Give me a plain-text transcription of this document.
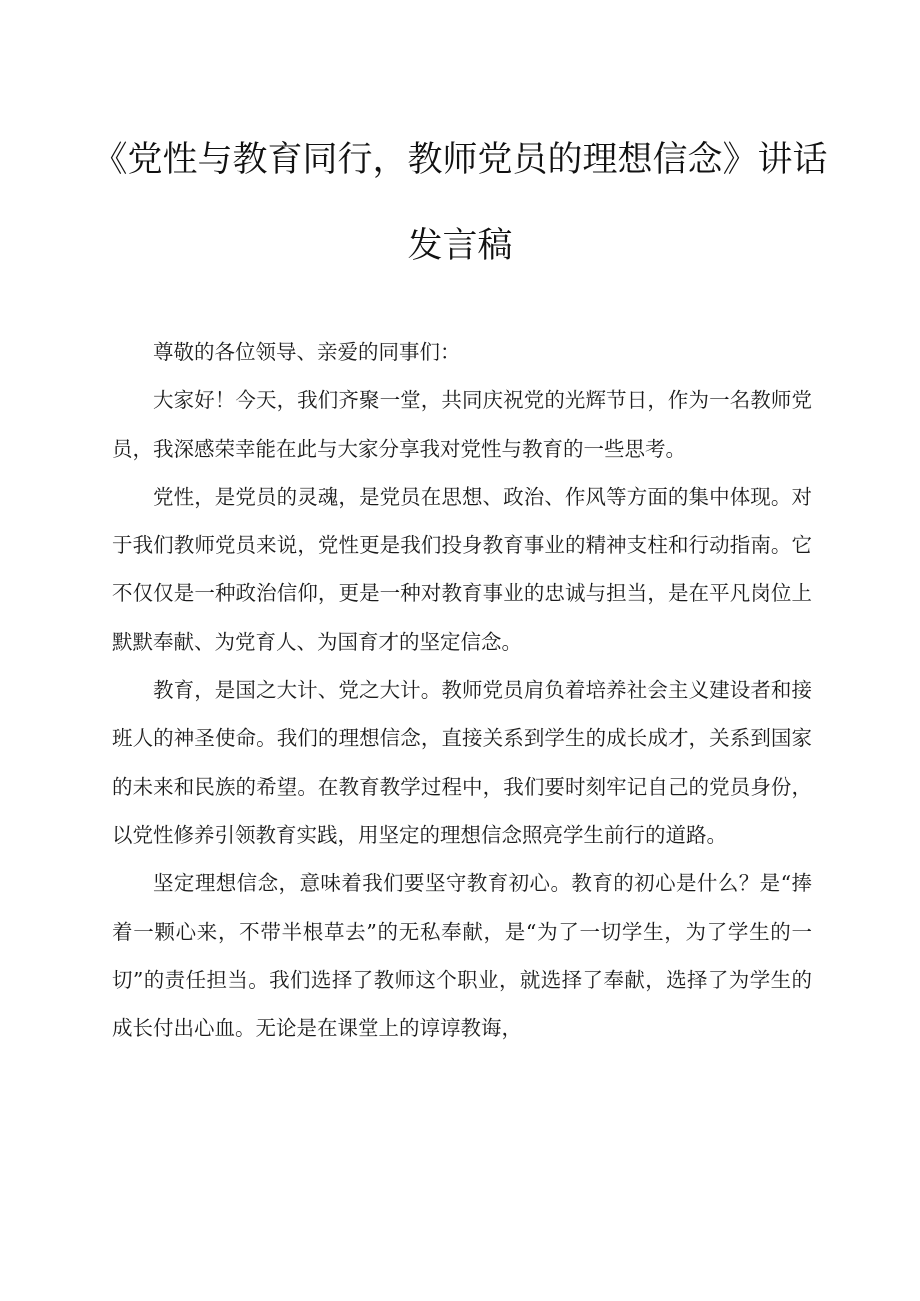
《党性与教育同行，教师党员的理想信念》讲话
发言稿

尊敬的各位领导、亲爱的同事们：

大家好！今天，我们齐聚一堂，共同庆祝党的光辉节日，作为一名教师党员，我深感荣幸能在此与大家分享我对党性与教育的一些思考。

党性，是党员的灵魂，是党员在思想、政治、作风等方面的集中体现。对于我们教师党员来说，党性更是我们投身教育事业的精神支柱和行动指南。它不仅仅是一种政治信仰，更是一种对教育事业的忠诚与担当，是在平凡岗位上默默奉献、为党育人、为国育才的坚定信念。

教育，是国之大计、党之大计。教师党员肩负着培养社会主义建设者和接班人的神圣使命。我们的理想信念，直接关系到学生的成长成才，关系到国家的未来和民族的希望。在教育教学过程中，我们要时刻牢记自己的党员身份，以党性修养引领教育实践，用坚定的理想信念照亮学生前行的道路。

坚定理想信念，意味着我们要坚守教育初心。教育的初心是什么？是“捧着一颗心来，不带半根草去”的无私奉献，是“为了一切学生，为了学生的一切”的责任担当。我们选择了教师这个职业，就选择了奉献，选择了为学生的成长付出心血。无论是在课堂上的谆谆教诲，
